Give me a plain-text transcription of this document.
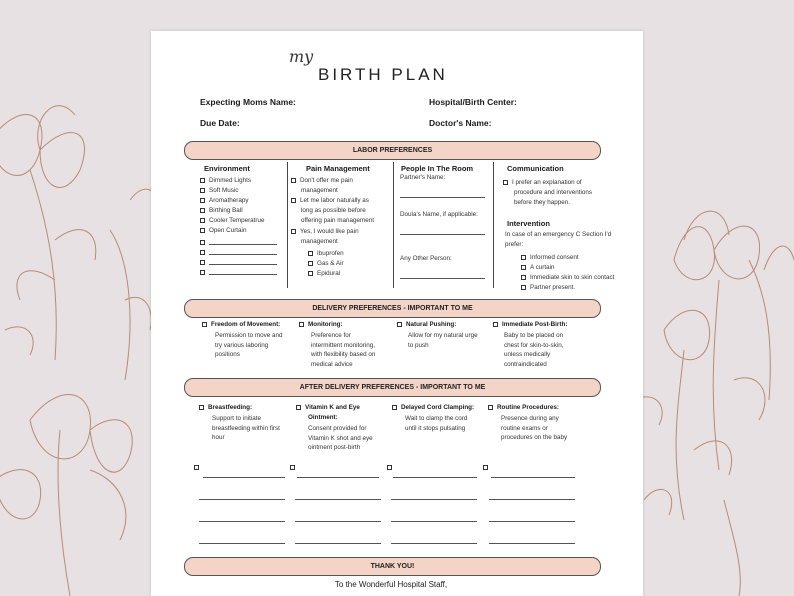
my
BIRTH PLAN
Expecting Moms Name:	Hospital/Birth Center:
Due Date:	Doctor's Name:
LABOR PREFERENCES
Environment
Dimmed Lights
Soft Music
Aromatherapy
Birthing Ball
Cooler Temperatrue
Open Curtain
Pain Management
Don't offer me pain
management
Let me labor naturally as
long as possible before
offering pain management
Yes, I would like pain
management
Ibuprofen
Gas & Air
Epidural
People In The Room
Partner's Name:
Doula's Name, if applicable:
Any Other Person:
Communication
I prefer an explanation of
procedure and interventions
before they happen.
Intervention
In case of an emergency C Section I'd
prefer:
Informed consent
A curtain
Immediate skin to skin contact
Partner present.
DELIVERY PREFERENCES - IMPORTANT TO ME
Freedom of Movement:
Permission to move and
try various laboring
positions
Monitoring:
Preference for
intermittent monitoring,
with flexibility based on
medical advice
Natural Pushing:
Allow for my natural urge
to push
Immediate Post-Birth:
Baby to be placed on
chest for skin-to-skin,
unless medically
contraindicated
AFTER DELIVERY PREFERENCES - IMPORTANT TO ME
Breastfeeding:
Support to initiate
breastfeeding within first
hour
Vitamin K and Eye
Ointment:
Consent provided for
Vitamin K shot and eye
ointment post-birth
Delayed Cord Clamping:
Wait to clamp the cord
until it stops pulsating
Routine Procedures:
Presence during any
routine exams or
procedures on the baby
THANK YOU!
To the Wonderful Hospital Staff,
